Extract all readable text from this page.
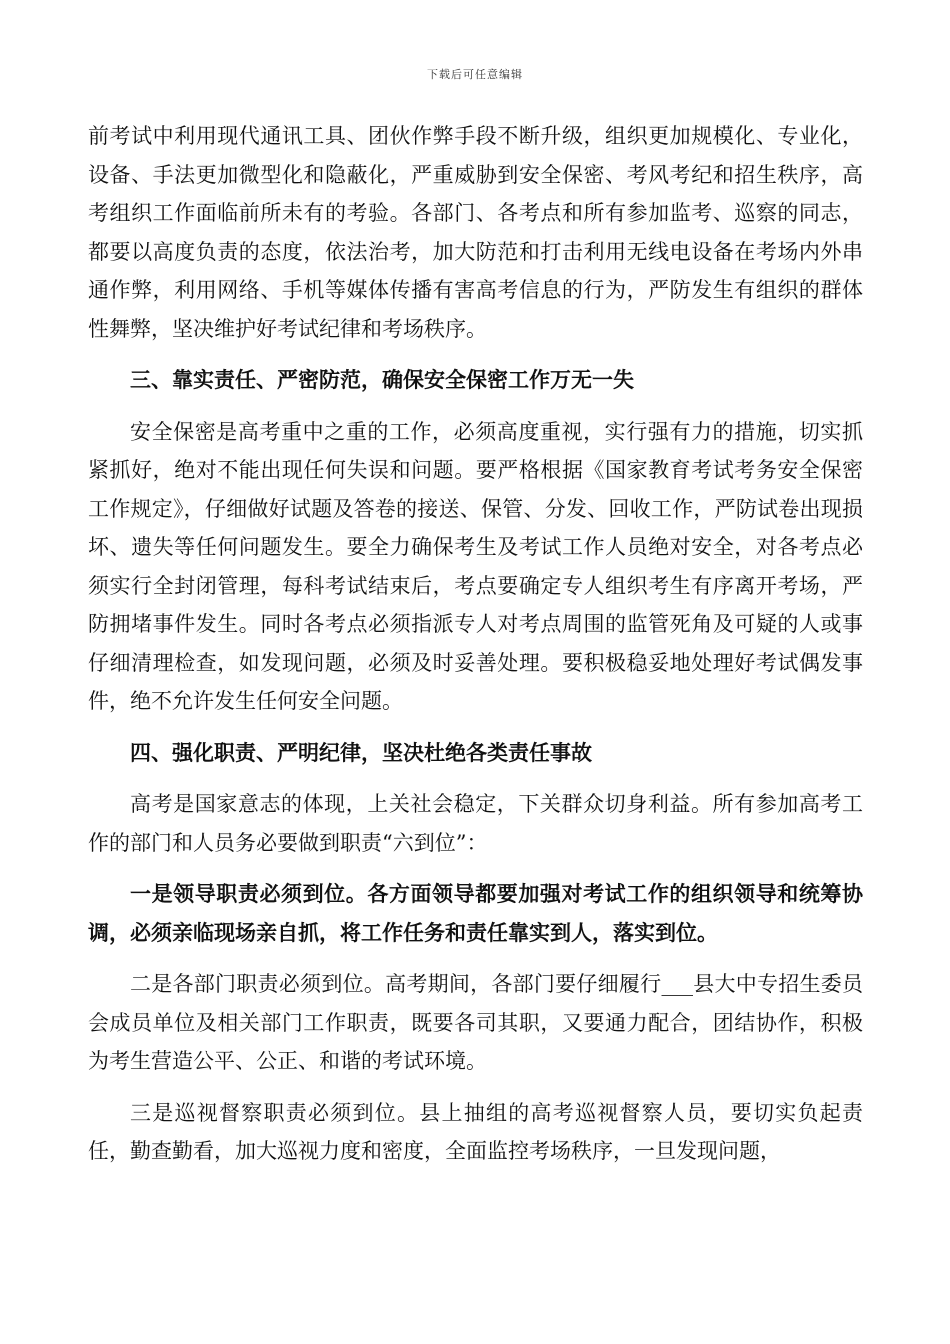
下载后可任意编辑

前考试中利用现代通讯工具、团伙作弊手段不断升级，组织更加规模化、专业化，设备、手法更加微型化和隐蔽化，严重威胁到安全保密、考风考纪和招生秩序，高考组织工作面临前所未有的考验。各部门、各考点和所有参加监考、巡察的同志，都要以高度负责的态度，依法治考，加大防范和打击利用无线电设备在考场内外串通作弊，利用网络、手机等媒体传播有害高考信息的行为，严防发生有组织的群体性舞弊，坚决维护好考试纪律和考场秩序。

三、靠实责任、严密防范，确保安全保密工作万无一失

安全保密是高考重中之重的工作，必须高度重视，实行强有力的措施，切实抓紧抓好，绝对不能出现任何失误和问题。要严格根据《国家教育考试考务安全保密工作规定》，仔细做好试题及答卷的接送、保管、分发、回收工作，严防试卷出现损坏、遗失等任何问题发生。要全力确保考生及考试工作人员绝对安全，对各考点必须实行全封闭管理，每科考试结束后，考点要确定专人组织考生有序离开考场，严防拥堵事件发生。同时各考点必须指派专人对考点周围的监管死角及可疑的人或事仔细清理检查，如发现问题，必须及时妥善处理。要积极稳妥地处理好考试偶发事件，绝不允许发生任何安全问题。

四、强化职责、严明纪律，坚决杜绝各类责任事故

高考是国家意志的体现，上关社会稳定，下关群众切身利益。所有参加高考工作的部门和人员务必要做到职责“六到位”：

一是领导职责必须到位。各方面领导都要加强对考试工作的组织领导和统筹协调，必须亲临现场亲自抓，将工作任务和责任靠实到人，落实到位。

二是各部门职责必须到位。高考期间，各部门要仔细履行___县大中专招生委员会成员单位及相关部门工作职责，既要各司其职，又要通力配合，团结协作，积极为考生营造公平、公正、和谐的考试环境。

三是巡视督察职责必须到位。县上抽组的高考巡视督察人员，要切实负起责任，勤查勤看，加大巡视力度和密度，全面监控考场秩序，一旦发现问题，
